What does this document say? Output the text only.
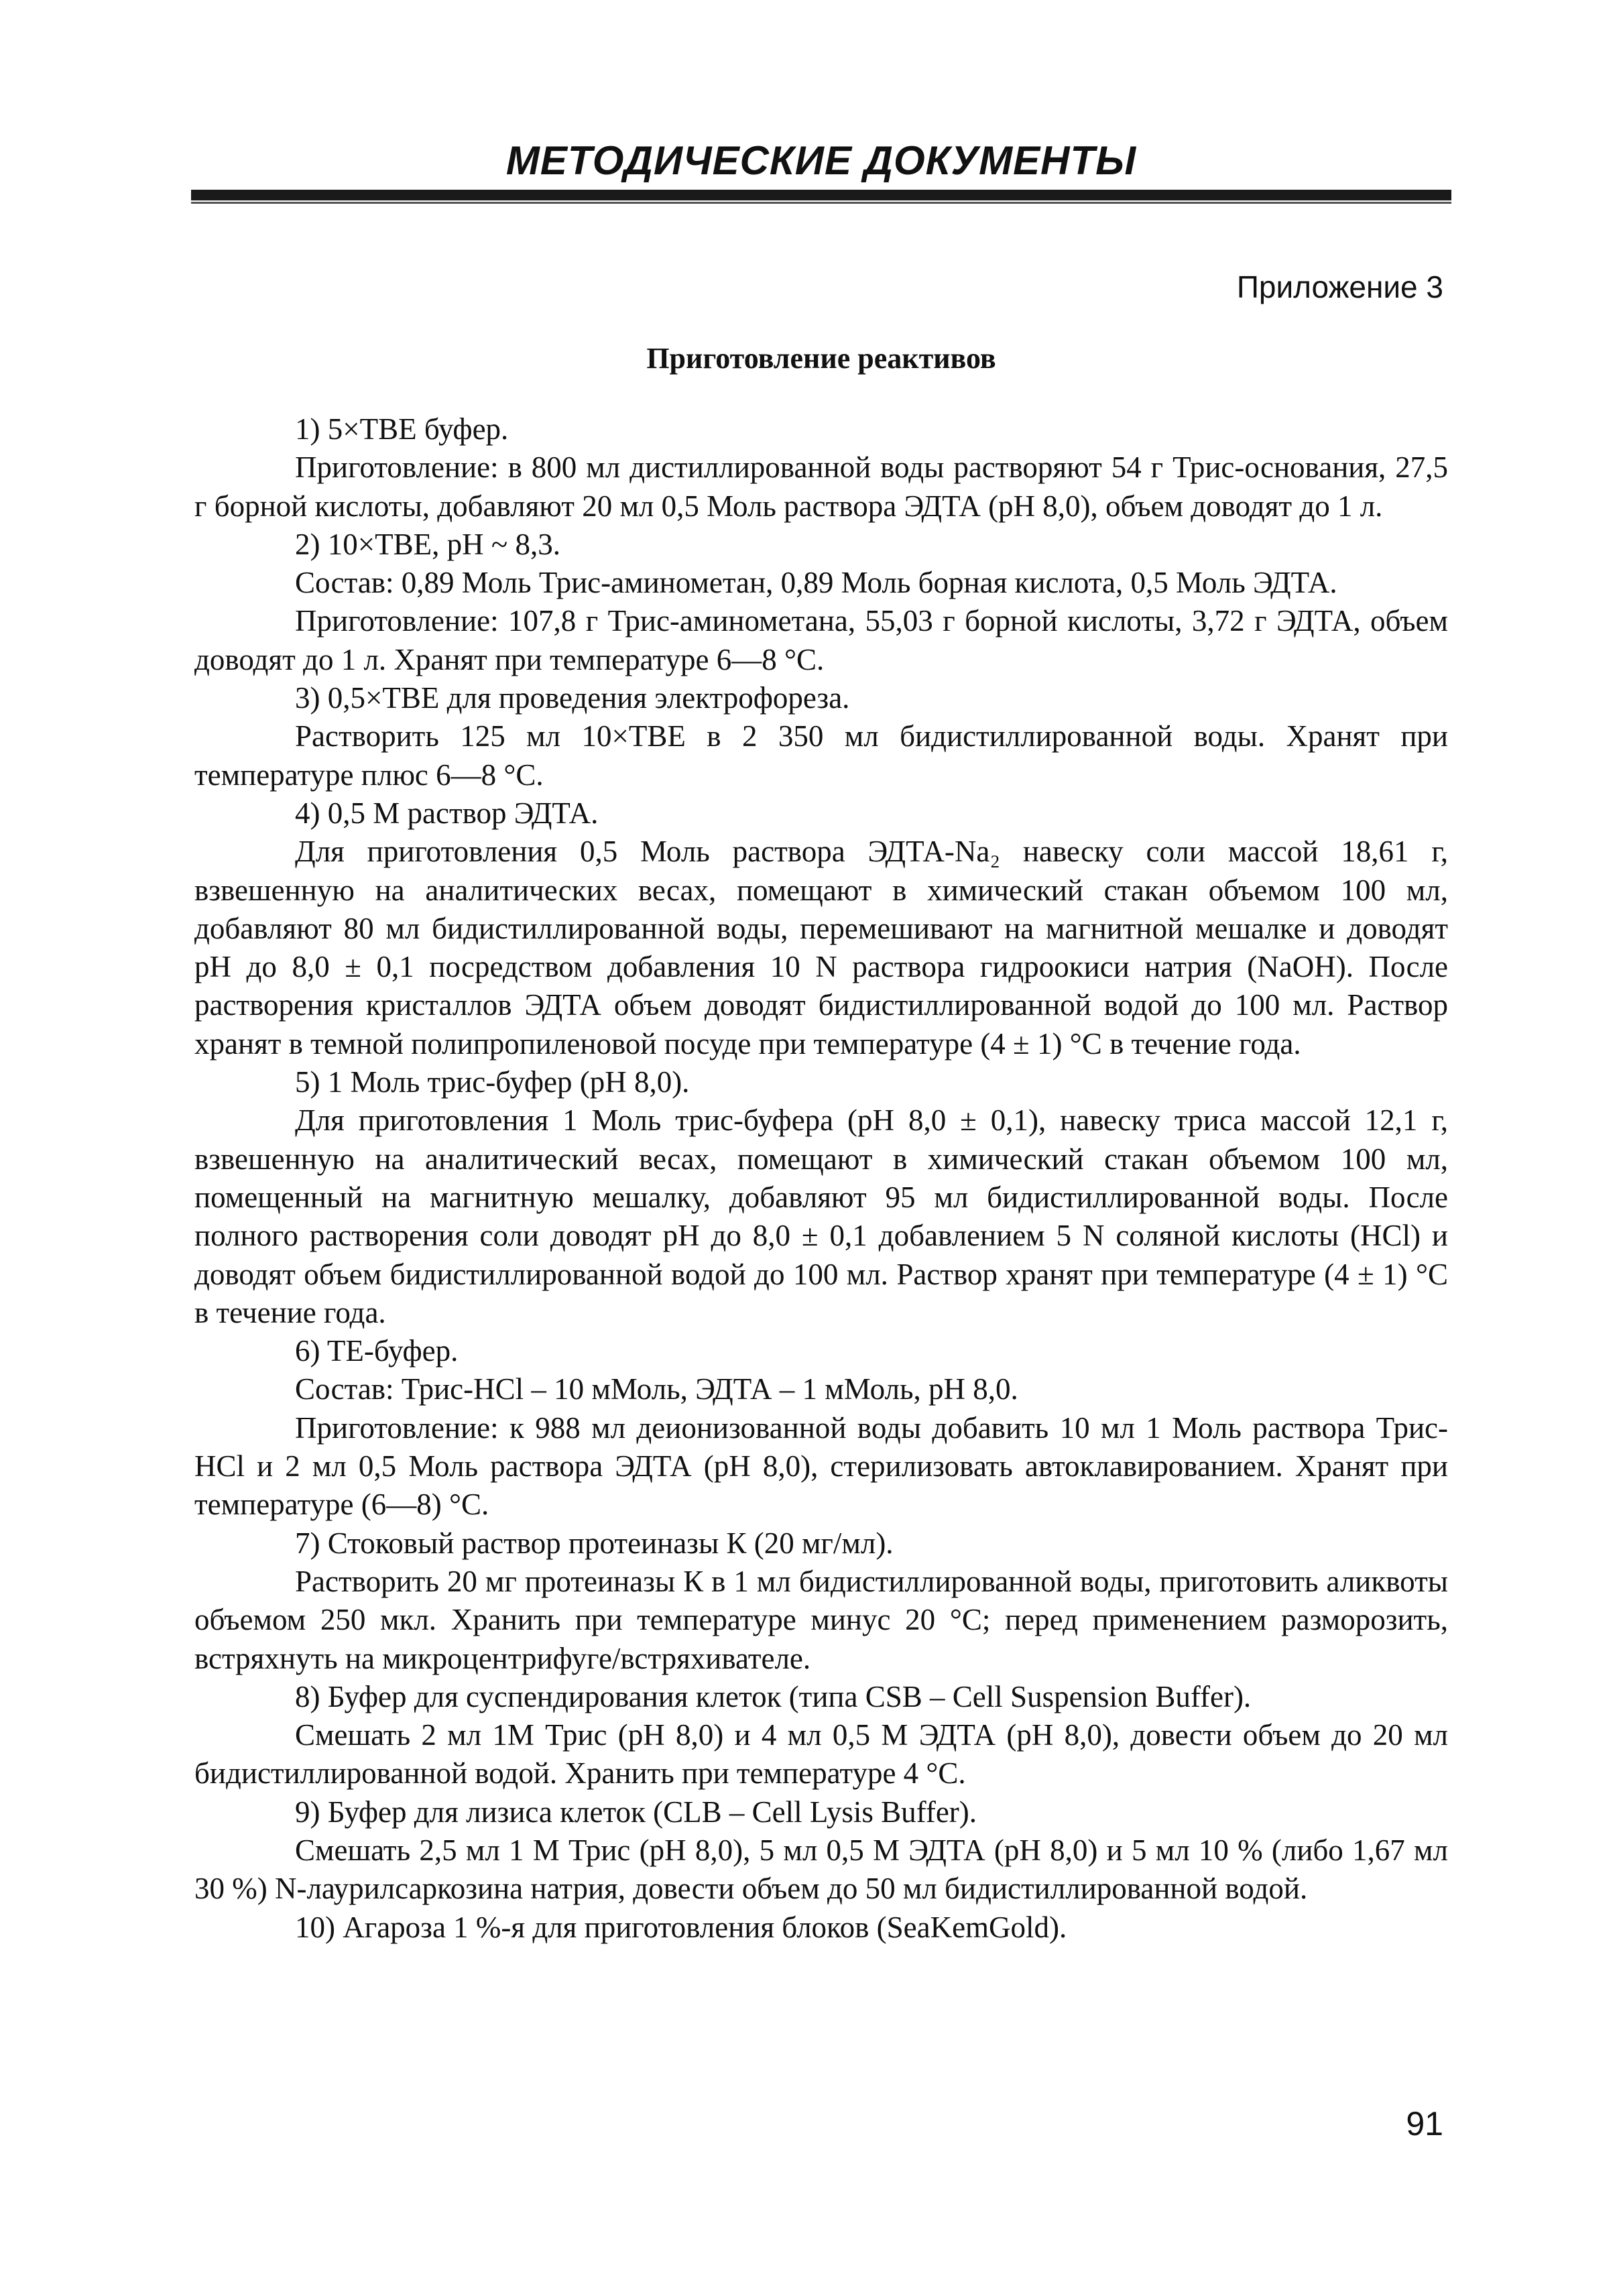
МЕТОДИЧЕСКИЕ ДОКУМЕНТЫ
Приложение 3
Приготовление реактивов

1) 5×TBE буфер.

Приготовление: в 800 мл дистиллированной воды растворяют 54 г Трис-основания, 27,5 г борной кислоты, добавляют 20 мл 0,5 Моль раствора ЭДТА (pH 8,0), объем доводят до 1 л.

2) 10×TBE, pH ~ 8,3.

Состав: 0,89 Моль Трис-аминометан, 0,89 Моль борная кислота, 0,5 Моль ЭДТА.

Приготовление: 107,8 г Трис-аминометана, 55,03 г борной кислоты, 3,72 г ЭДТА, объем доводят до 1 л. Хранят при температуре 6—8 °С.

3) 0,5×TBE для проведения электрофореза.

Растворить 125 мл 10×TBE в 2 350 мл бидистиллированной воды. Хранят при температуре плюс 6—8 °С.

4) 0,5 М раствор ЭДТА.

Для приготовления 0,5 Моль раствора ЭДТА-Na₂ навеску соли массой 18,61 г, взвешенную на аналитических весах, помещают в химический стакан объемом 100 мл, добавляют 80 мл бидистиллированной воды, перемешивают на магнитной мешалке и доводят pH до 8,0 ± 0,1 посредством добавления 10 N раствора гидроокиси натрия (NaOH). После растворения кристаллов ЭДТА объем доводят бидистиллированной водой до 100 мл. Раствор хранят в темной полипропиленовой посуде при температуре (4 ± 1) °С в течение года.

5) 1 Моль трис-буфер (pH 8,0).

Для приготовления 1 Моль трис-буфера (pH 8,0 ± 0,1), навеску триса массой 12,1 г, взвешенную на аналитический весах, помещают в химический стакан объемом 100 мл, помещенный на магнитную мешалку, добавляют 95 мл бидистиллированной воды. После полного растворения соли доводят pH до 8,0 ± 0,1 добавлением 5 N соляной кислоты (HCl) и доводят объем бидистиллированной водой до 100 мл. Раствор хранят при температуре (4 ± 1) °С в течение года.

6) TE-буфер.

Состав: Трис-HCl – 10 мМоль, ЭДТА – 1 мМоль, pH 8,0.

Приготовление: к 988 мл деионизованной воды добавить 10 мл 1 Моль раствора Трис-HCl и 2 мл 0,5 Моль раствора ЭДТА (pH 8,0), стерилизовать автоклавированием. Хранят при температуре (6—8) °С.

7) Стоковый раствор протеиназы К (20 мг/мл).

Растворить 20 мг протеиназы К в 1 мл бидистиллированной воды, приготовить аликвоты объемом 250 мкл. Хранить при температуре минус 20 °С; перед применением разморозить, встряхнуть на микроцентрифуге/встряхивателе.

8) Буфер для суспендирования клеток (типа CSB – Cell Suspension Buffer).

Смешать 2 мл 1М Трис (pH 8,0) и 4 мл 0,5 М ЭДТА (pH 8,0), довести объем до 20 мл бидистиллированной водой. Хранить при температуре 4 °С.

9) Буфер для лизиса клеток (CLB – Cell Lysis Buffer).

Смешать 2,5 мл 1 М Трис (pH 8,0), 5 мл 0,5 М ЭДТА (pH 8,0) и 5 мл 10 % (либо 1,67 мл 30 %) N-лаурилсаркозина натрия, довести объем до 50 мл бидистиллированной водой.

10) Агароза 1 %-я для приготовления блоков (SeaKemGold).

91
